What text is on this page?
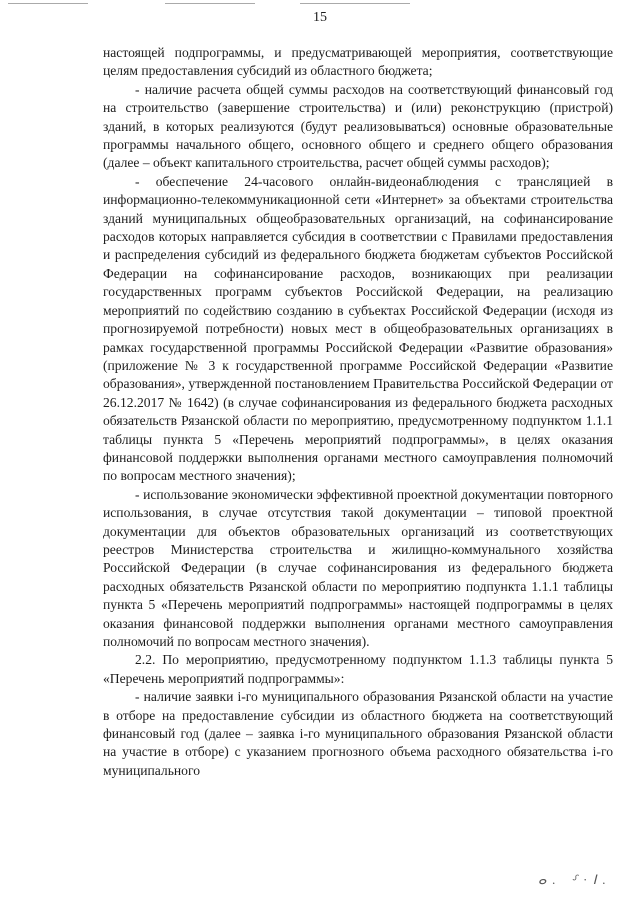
15

настоящей подпрограммы, и предусматривающей мероприятия, соответствующие целям предоставления субсидий из областного бюджета;

- наличие расчета общей суммы расходов на соответствующий финансовый год на строительство (завершение строительства) и (или) реконструкцию (пристрой) зданий, в которых реализуются (будут реализовываться) основные образовательные программы начального общего, основного общего и среднего общего образования (далее – объект капитального строительства, расчет общей суммы расходов);

- обеспечение 24-часового онлайн-видеонаблюдения с трансляцией в информационно-телекоммуникационной сети «Интернет» за объектами строительства зданий муниципальных общеобразовательных организаций, на софинансирование расходов которых направляется субсидия в соответствии с Правилами предоставления и распределения субсидий из федерального бюджета бюджетам субъектов Российской Федерации на софинансирование расходов, возникающих при реализации государственных программ субъектов Российской Федерации, на реализацию мероприятий по содействию созданию в субъектах Российской Федерации (исходя из прогнозируемой потребности) новых мест в общеобразовательных организациях в рамках государственной программы Российской Федерации «Развитие образования» (приложение № 3 к государственной программе Российской Федерации «Развитие образования», утвержденной постановлением Правительства Российской Федерации от 26.12.2017 № 1642) (в случае софинансирования из федерального бюджета расходных обязательств Рязанской области по мероприятию, предусмотренному подпунктом 1.1.1 таблицы пункта 5 «Перечень мероприятий подпрограммы», в целях оказания финансовой поддержки выполнения органами местного самоуправления полномочий по вопросам местного значения);

- использование экономически эффективной проектной документации повторного использования, в случае отсутствия такой документации – типовой проектной документации для объектов образовательных организаций из соответствующих реестров Министерства строительства и жилищно-коммунального хозяйства Российской Федерации (в случае софинансирования из федерального бюджета расходных обязательств Рязанской области по мероприятию подпункта 1.1.1 таблицы пункта 5 «Перечень мероприятий подпрограммы» настоящей подпрограммы в целях оказания финансовой поддержки выполнения органами местного самоуправления полномочий по вопросам местного значения).

2.2. По мероприятию, предусмотренному подпунктом 1.1.3 таблицы пункта 5 «Перечень мероприятий подпрограммы»:

- наличие заявки i-го муниципального образования Рязанской области на участие в отборе на предоставление субсидии из областного бюджета на соответствующий финансовый год (далее – заявка i-го муниципального образования Рязанской области на участие в отборе) с указанием прогнозного объема расходного обязательства i-го муниципального

ⴰ. ⸉·ⵏ.
